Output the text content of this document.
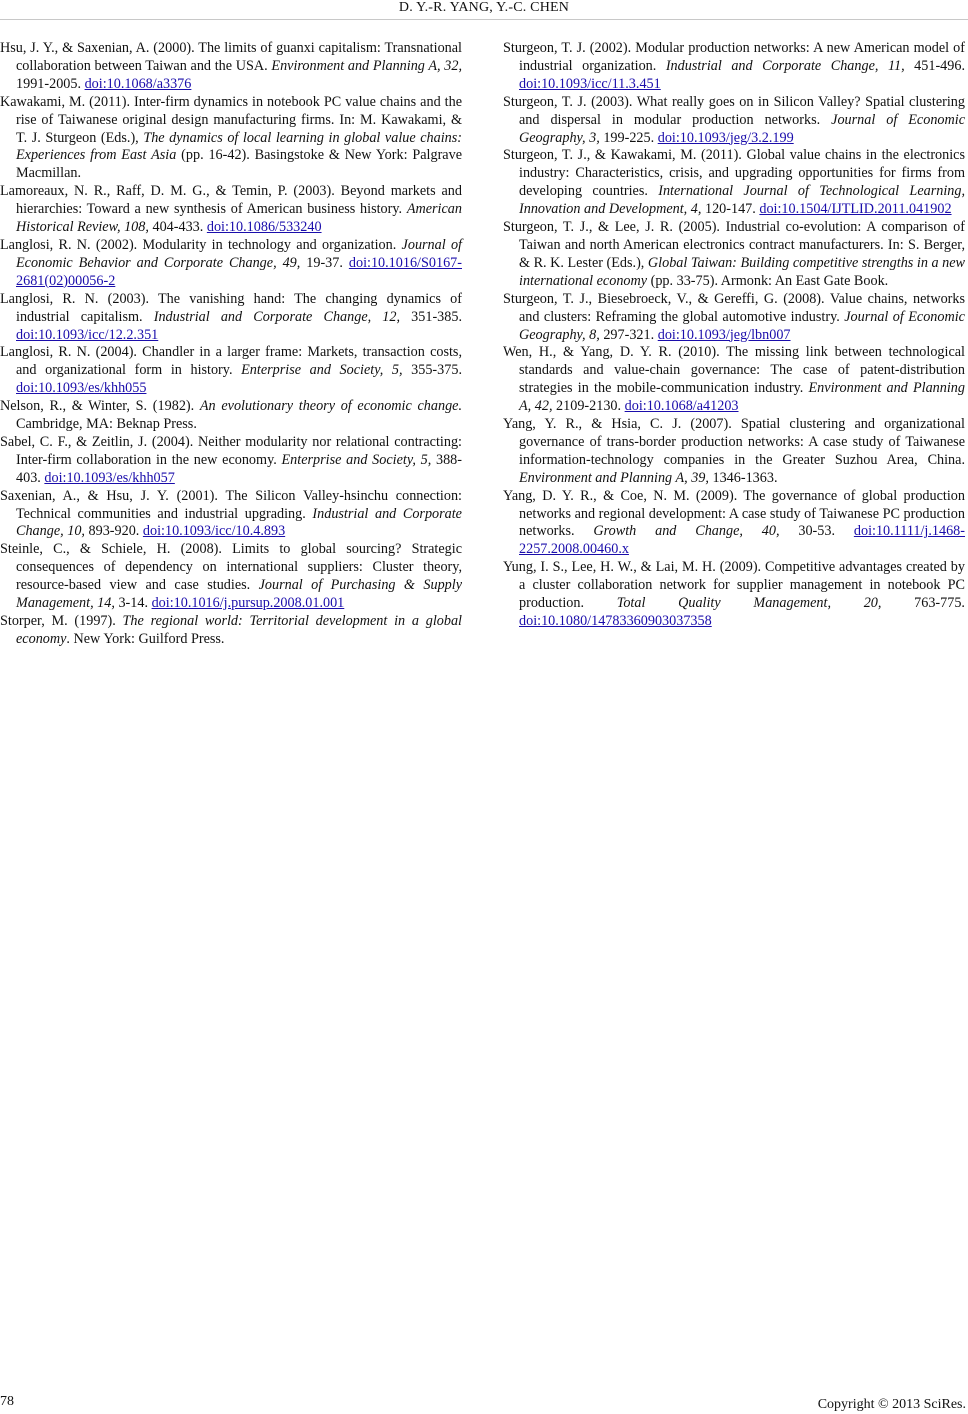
D. Y.-R. YANG, Y.-C. CHEN

Hsu, J. Y., & Saxenian, A. (2000). The limits of guanxi capitalism: Transnational collaboration between Taiwan and the USA. Environment and Planning A, 32, 1991-2005. doi:10.1068/a3376

Kawakami, M. (2011). Inter-firm dynamics in notebook PC value chains and the rise of Taiwanese original design manufacturing firms. In: M. Kawakami, & T. J. Sturgeon (Eds.), The dynamics of local learning in global value chains: Experiences from East Asia (pp. 16-42). Basingstoke & New York: Palgrave Macmillan.

Lamoreaux, N. R., Raff, D. M. G., & Temin, P. (2003). Beyond markets and hierarchies: Toward a new synthesis of American business history. American Historical Review, 108, 404-433. doi:10.1086/533240

Langlosi, R. N. (2002). Modularity in technology and organization. Journal of Economic Behavior and Corporate Change, 49, 19-37. doi:10.1016/S0167-2681(02)00056-2

Langlosi, R. N. (2003). The vanishing hand: The changing dynamics of industrial capitalism. Industrial and Corporate Change, 12, 351-385. doi:10.1093/icc/12.2.351

Langlosi, R. N. (2004). Chandler in a larger frame: Markets, transaction costs, and organizational form in history. Enterprise and Society, 5, 355-375. doi:10.1093/es/khh055

Nelson, R., & Winter, S. (1982). An evolutionary theory of economic change. Cambridge, MA: Beknap Press.

Sabel, C. F., & Zeitlin, J. (2004). Neither modularity nor relational contracting: Inter-firm collaboration in the new economy. Enterprise and Society, 5, 388-403. doi:10.1093/es/khh057

Saxenian, A., & Hsu, J. Y. (2001). The Silicon Valley-hsinchu connection: Technical communities and industrial upgrading. Industrial and Corporate Change, 10, 893-920. doi:10.1093/icc/10.4.893

Steinle, C., & Schiele, H. (2008). Limits to global sourcing? Strategic consequences of dependency on international suppliers: Cluster theory, resource-based view and case studies. Journal of Purchasing & Supply Management, 14, 3-14. doi:10.1016/j.pursup.2008.01.001

Storper, M. (1997). The regional world: Territorial development in a global economy. New York: Guilford Press.

Sturgeon, T. J. (2002). Modular production networks: A new American model of industrial organization. Industrial and Corporate Change, 11, 451-496. doi:10.1093/icc/11.3.451

Sturgeon, T. J. (2003). What really goes on in Silicon Valley? Spatial clustering and dispersal in modular production networks. Journal of Economic Geography, 3, 199-225. doi:10.1093/jeg/3.2.199

Sturgeon, T. J., & Kawakami, M. (2011). Global value chains in the electronics industry: Characteristics, crisis, and upgrading opportunities for firms from developing countries. International Journal of Technological Learning, Innovation and Development, 4, 120-147. doi:10.1504/IJTLID.2011.041902

Sturgeon, T. J., & Lee, J. R. (2005). Industrial co-evolution: A comparison of Taiwan and north American electronics contract manufacturers. In: S. Berger, & R. K. Lester (Eds.), Global Taiwan: Building competitive strengths in a new international economy (pp. 33-75). Armonk: An East Gate Book.

Sturgeon, T. J., Biesebroeck, V., & Gereffi, G. (2008). Value chains, networks and clusters: Reframing the global automotive industry. Journal of Economic Geography, 8, 297-321. doi:10.1093/jeg/lbn007

Wen, H., & Yang, D. Y. R. (2010). The missing link between technological standards and value-chain governance: The case of patent-distribution strategies in the mobile-communication industry. Environment and Planning A, 42, 2109-2130. doi:10.1068/a41203

Yang, Y. R., & Hsia, C. J. (2007). Spatial clustering and organizational governance of trans-border production networks: A case study of Taiwanese information-technology companies in the Greater Suzhou Area, China. Environment and Planning A, 39, 1346-1363.

Yang, D. Y. R., & Coe, N. M. (2009). The governance of global production networks and regional development: A case study of Taiwanese PC production networks. Growth and Change, 40, 30-53. doi:10.1111/j.1468-2257.2008.00460.x

Yung, I. S., Lee, H. W., & Lai, M. H. (2009). Competitive advantages created by a cluster collaboration network for supplier management in notebook PC production. Total Quality Management, 20, 763-775. doi:10.1080/14783360903037358

78	Copyright © 2013 SciRes.
